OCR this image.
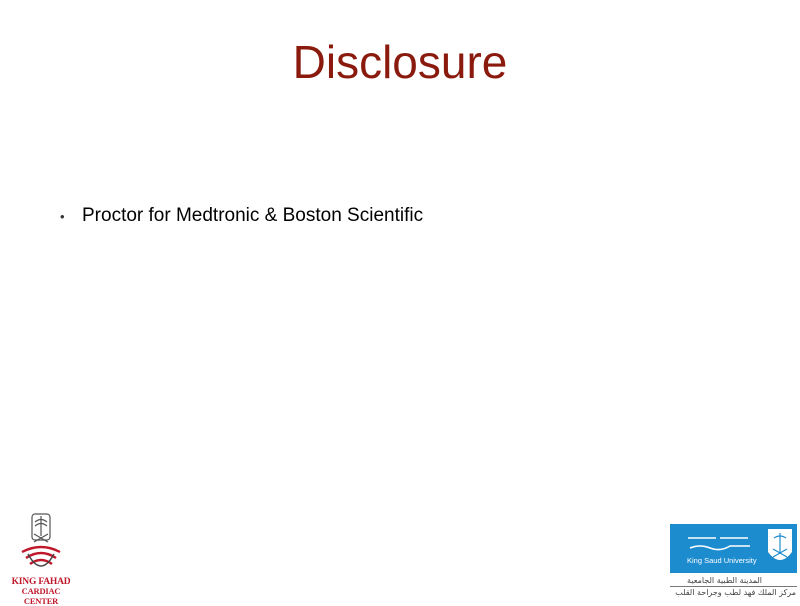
Disclosure
• Proctor for Medtronic & Boston Scientific
KING FAHAD
CARDIAC CENTER
King Saud University
المدينة الطبية الجامعية
مركز الملك فهد لطب وجراحة القلب
